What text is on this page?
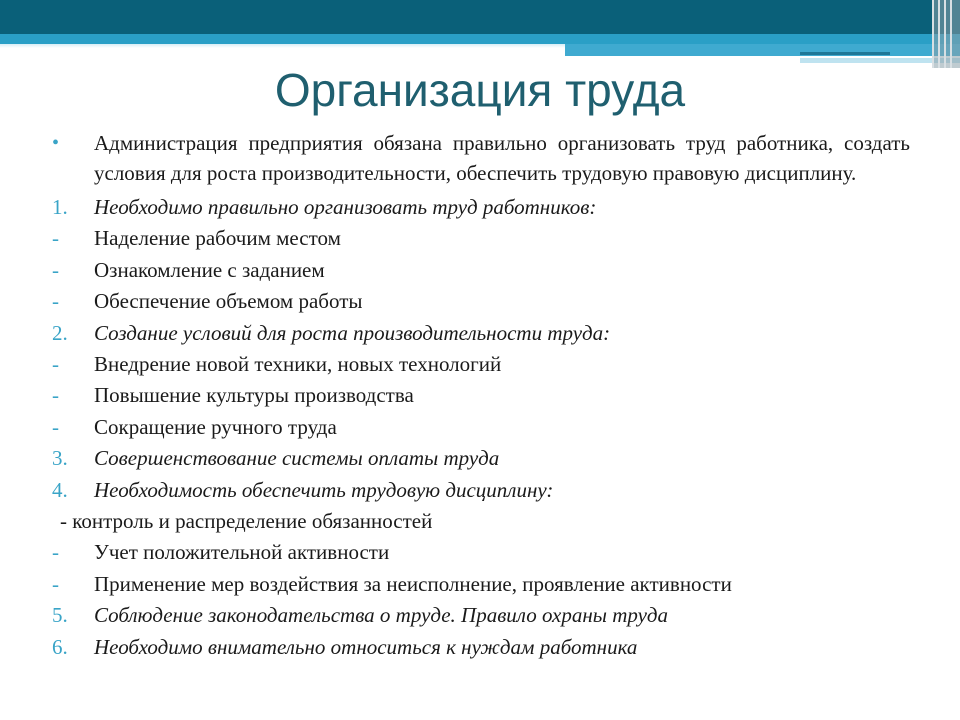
Организация труда

• Администрация предприятия обязана правильно организовать труд работника, создать условия для роста производительности, обеспечить трудовую правовую дисциплину.

1. Необходимо правильно организовать труд работников:
- Наделение рабочим местом
- Ознакомление с заданием
- Обеспечение объемом работы
2. Создание условий для роста производительности труда:
- Внедрение новой техники, новых технологий
- Повышение культуры производства
- Сокращение ручного труда
3. Совершенствование системы оплаты труда
4. Необходимость обеспечить трудовую дисциплину:
- контроль и распределение обязанностей
- Учет положительной активности
- Применение мер воздействия за неисполнение, проявление активности
5. Соблюдение законодательства о труде. Правило охраны труда
6. Необходимо внимательно относиться к нуждам работника
